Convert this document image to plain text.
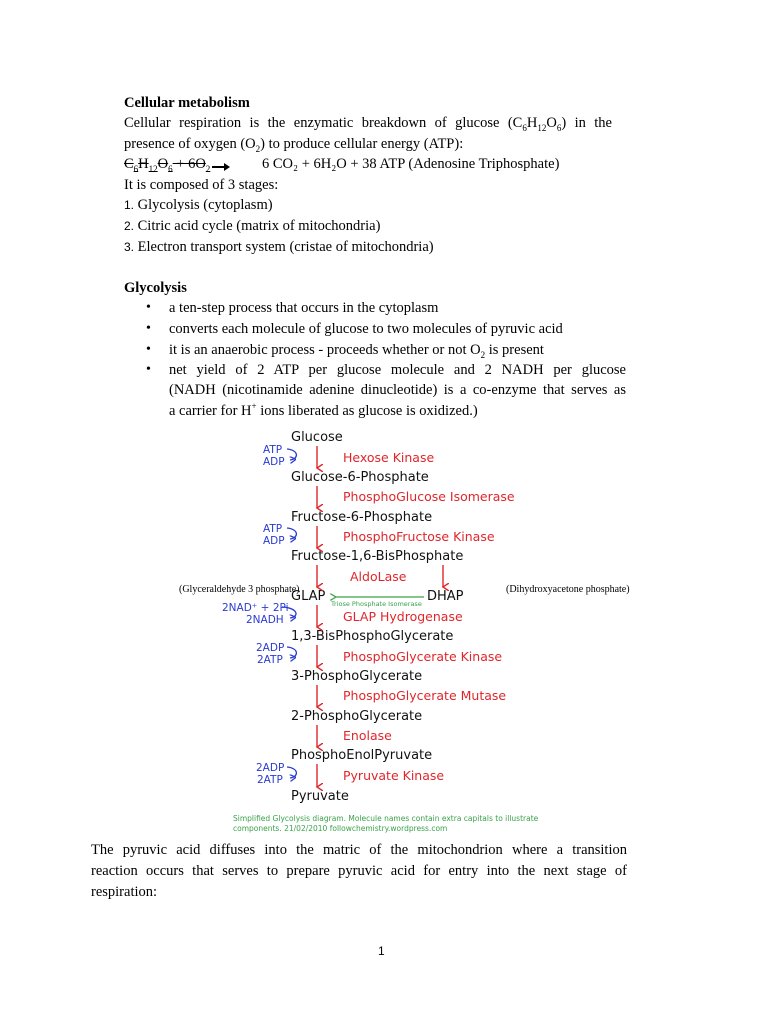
Cellular metabolism
Cellular respiration is the enzymatic breakdown of glucose $(C_6H_{12}O_6)$ in the
presence of oxygen $(O_2)$ to produce cellular energy (ATP):
$C_6H_{12}O_6 + 6O_2$	6 CO₂ + 6H₂O + 38 ATP (Adenosine Triphosphate)
It is composed of 3 stages:
1. Glycolysis (cytoplasm)
2. Citric acid cycle (matrix of mitochondria)
3. Electron transport system (cristae of mitochondria)
Glycolysis
• a ten-step process that occurs in the cytoplasm
• converts each molecule of glucose to two molecules of pyruvic acid
• it is an anaerobic process - proceeds whether or not $O_2$ is present
• net yield of 2 ATP per glucose molecule and 2 NADH per glucose
(NADH (nicotinamide adenine dinucleotide) is a co-enzyme that serves as
a carrier for H+ ions liberated as glucose is oxidized.)
Glucose
Glucose-6-Phosphate
Fructose-6-Phosphate
Fructose-1,6-BisPhosphate
GLAP	DHAP
1,3-BisPhosphoGlycerate
3-PhosphoGlycerate
2-PhosphoGlycerate
PhosphoEnolPyruvate
Pyruvate
Hexose Kinase
PhosphoGlucose Isomerase
PhosphoFructose Kinase
AldoLase
GLAP Hydrogenase
PhosphoGlycerate Kinase
PhosphoGlycerate Mutase
Enolase
Pyruvate Kinase
Triose Phosphate Isomerase
ATP
ADP
ATP
ADP
2NAD⁺ + 2Pi
2NADH
2ADP
2ATP
2ADP
2ATP
Simplified Glycolysis diagram. Molecule names contain extra capitals to illustrate
components. 21/02/2010 followchemistry.wordpress.com
(Glyceraldehyde 3 phosphate)	(Dihydroxyacetone phosphate)
The pyruvic acid diffuses into the matric of the mitochondrion where a transition
reaction occurs that serves to prepare pyruvic acid for entry into the next stage of
respiration:
1
